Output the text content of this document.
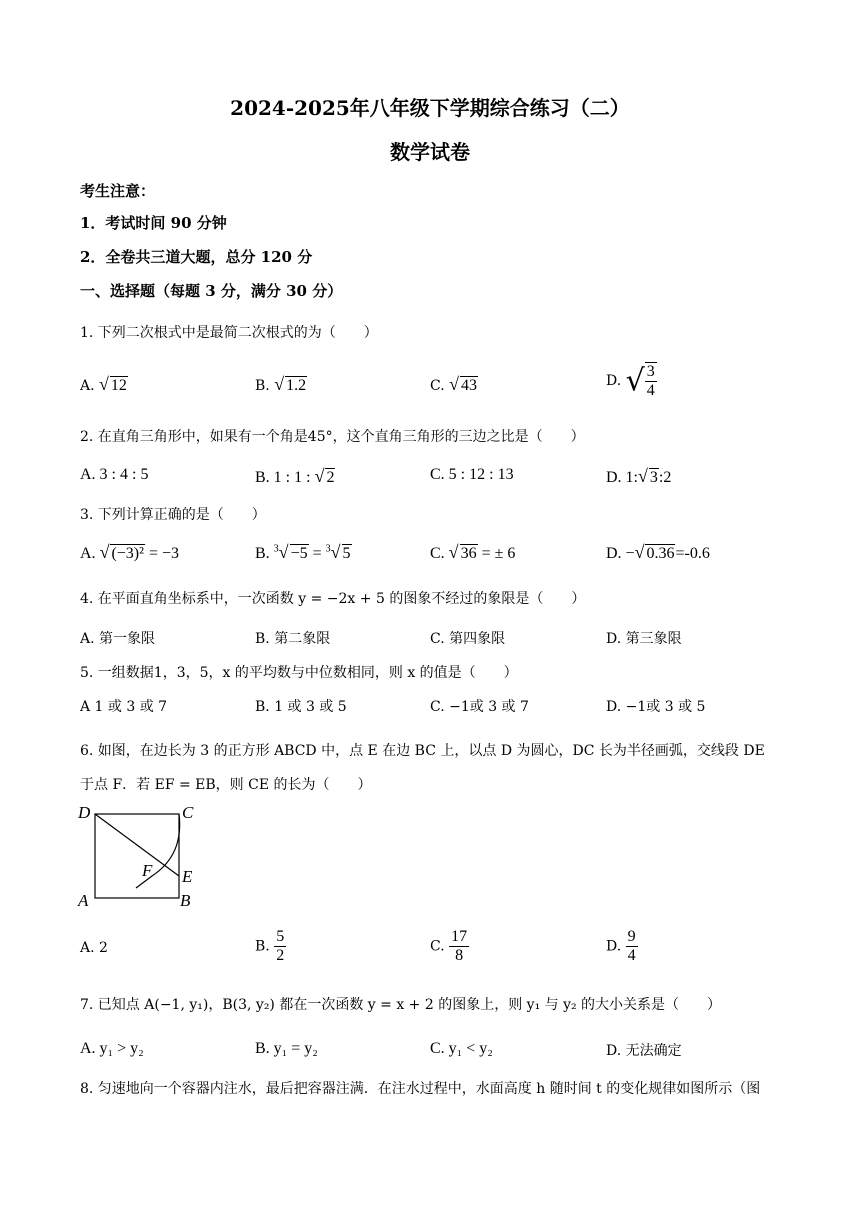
2024-2025年八年级下学期综合练习（二）
数学试卷
考生注意：
1．考试时间 90 分钟
2．全卷共三道大题，总分 120 分
一、选择题（每题 3 分，满分 30 分）
1. 下列二次根式中是最简二次根式的为（　　）
A. √ 12	B. √ 1.2	C. √ 43	D. √ $\frac{3}{4}$
2. 在直角三角形中，如果有一个角是45°，这个直角三角形的三边之比是（　　）
A. 3 : 4 : 5	B. 1 : 1 : √ 2	C. 5 : 12 : 13	D. 1:√ 3:2
3. 下列计算正确的是（　　）
A. √ (−3)² = −3	B. $^3$√ −5 = $^3$√ 5	C. √ 36 = ± 6	D. −√ 0.36=-0.6
4. 在平面直角坐标系中，一次函数 y = −2x + 5 的图象不经过的象限是（　　）
A. 第一象限	B. 第二象限	C. 第四象限	D. 第三象限
5. 一组数据1，3，5，x 的平均数与中位数相同，则 x 的值是（　　）
A 1 或 3 或 7	B. 1 或 3 或 5	C. −1或 3 或 7	D. −1或 3 或 5
6. 如图，在边长为 3 的正方形 ABCD 中，点 E 在边 BC 上，以点 D 为圆心，DC 长为半径画弧，交线段 DE
于点 F．若 EF = EB，则 CE 的长为（　　）
D	C
F E
A	B
A. 2	B. $\frac{5}{2}$	C. $\frac{17}{8}$	D. $\frac{9}{4}$
7. 已知点 A(−1, y₁)，B(3, y₂) 都在一次函数 y = x + 2 的图象上，则 y₁ 与 y₂ 的大小关系是（　　）
A. y₁ > y₂	B. y₁ = y₂	C. y₁ < y₂	D. 无法确定
8. 匀速地向一个容器内注水，最后把容器注满．在注水过程中，水面高度 h 随时间 t 的变化规律如图所示（图
